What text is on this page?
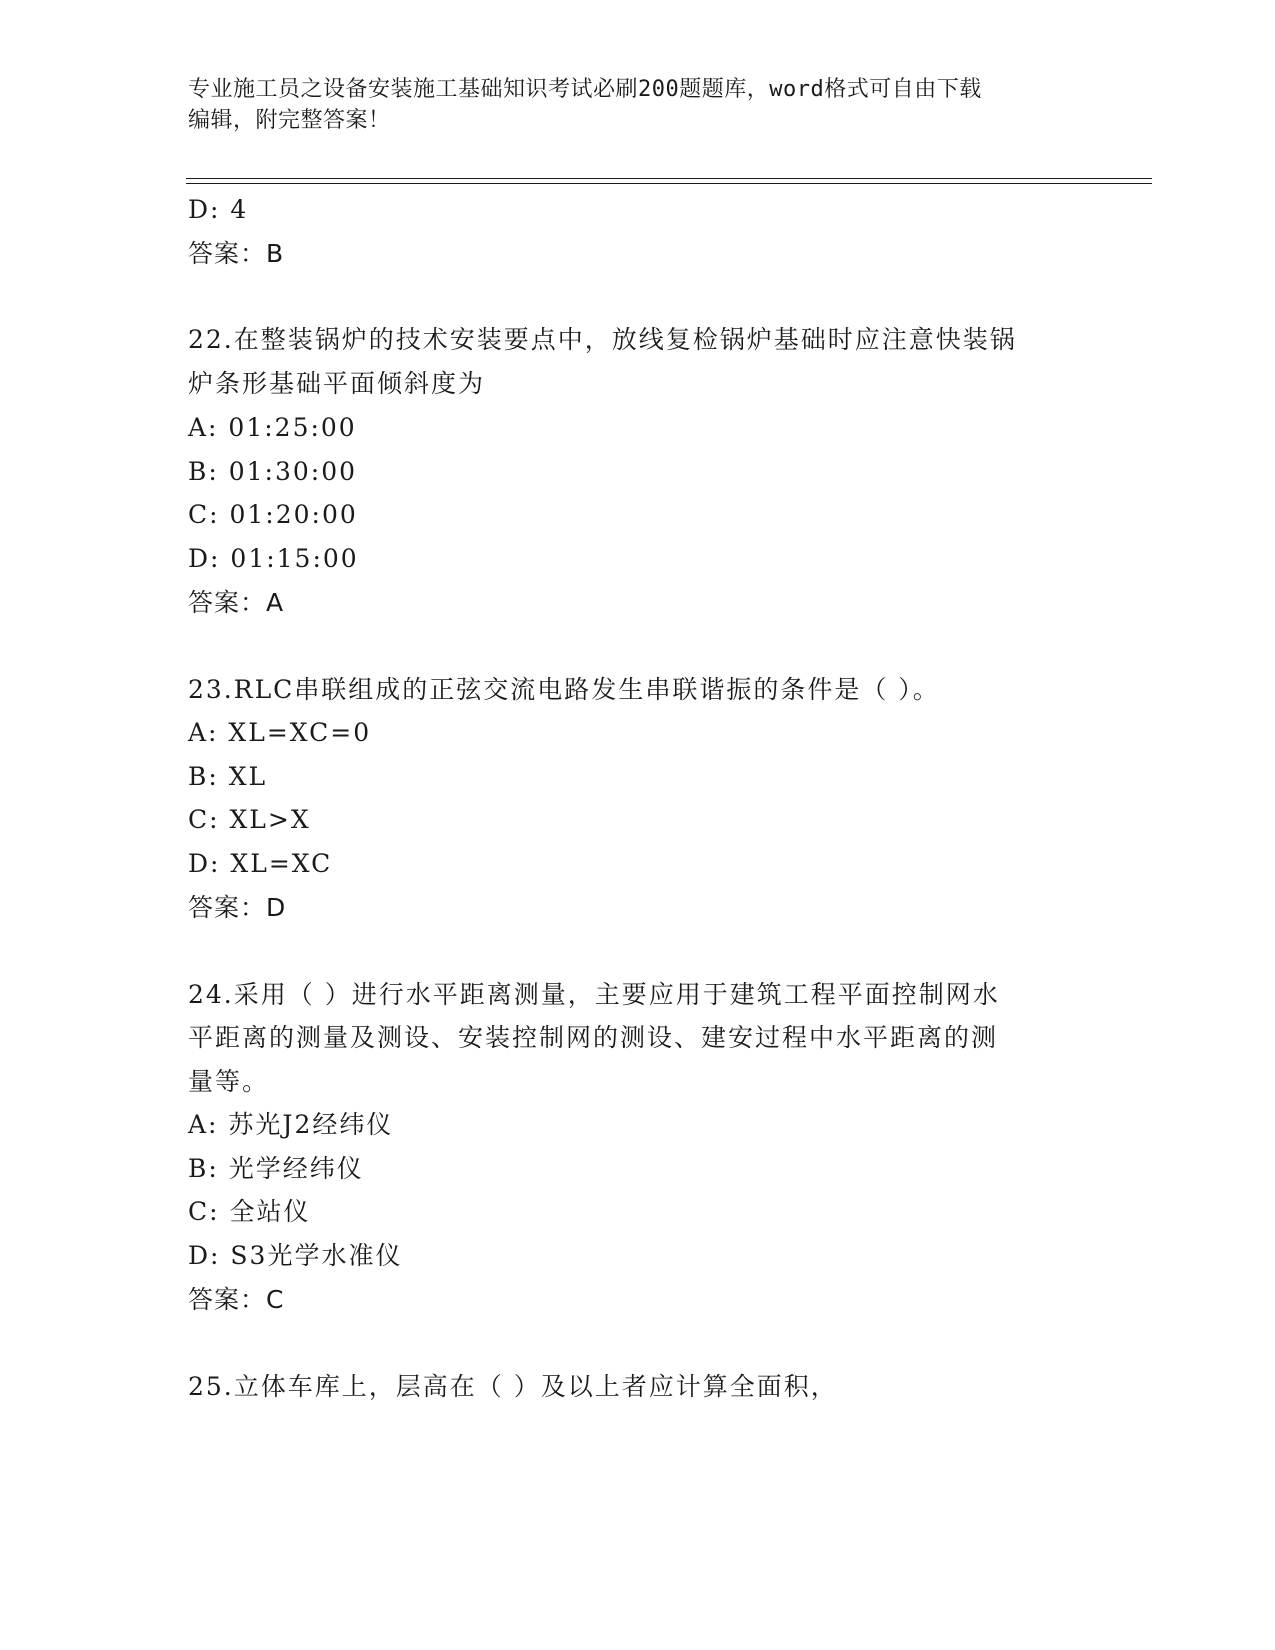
专业施工员之设备安装施工基础知识考试必刷200题题库，word格式可自由下载
编辑，附完整答案！
D: 4
答案：B
22.在整装锅炉的技术安装要点中，放线复检锅炉基础时应注意快装锅
炉条形基础平面倾斜度为
A: 01:25:00
B: 01:30:00
C: 01:20:00
D: 01:15:00
答案：A
23.RLC串联组成的正弦交流电路发生串联谐振的条件是（ ）。
A: XL=XC=0
B: XL
C: XL>X
D: XL=XC
答案：D
24.采用（ ）进行水平距离测量，主要应用于建筑工程平面控制网水
平距离的测量及测设、安装控制网的测设、建安过程中水平距离的测
量等。
A: 苏光J2经纬仪
B: 光学经纬仪
C: 全站仪
D: S3光学水准仪
答案：C
25.立体车库上，层高在（ ）及以上者应计算全面积，
